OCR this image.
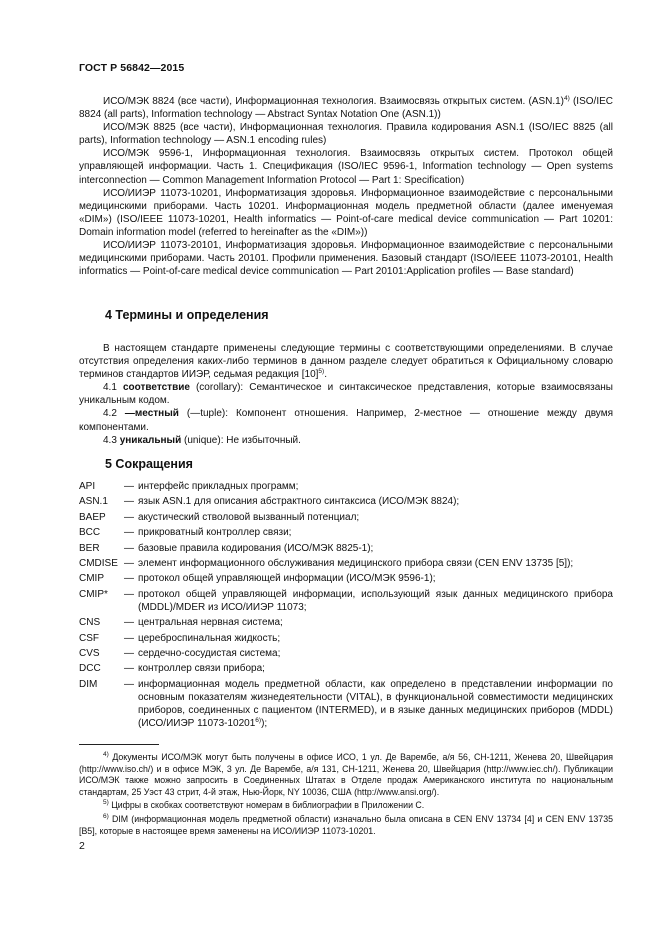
ГОСТ Р 56842—2015

ИСО/МЭК 8824 (все части), Информационная технология. Взаимосвязь открытых систем. $(ASN.1)^{4)}$ (ISO/IEC 8824 (all parts), Information technology — Abstract Syntax Notation One (ASN.1))

ИСО/МЭК 8825 (все части), Информационная технология. Правила кодирования ASN.1 (ISO/IEC 8825 (all parts), Information technology — ASN.1 encoding rules)

ИСО/МЭК 9596-1, Информационная технология. Взаимосвязь открытых систем. Протокол общей управляющей информации. Часть 1. Спецификация (ISO/IEC 9596-1, Information technology — Open systems interconnection — Common Management Information Protocol — Part 1: Specification)

ИСО/ИИЭР 11073-10201, Информатизация здоровья. Информационное взаимодействие с персональными медицинскими приборами. Часть 10201. Информационная модель предметной области (далее именуемая «DIM») (ISO/IEEE 11073-10201, Health informatics — Point-of-care medical device communication — Part 10201: Domain information model (referred to hereinafter as the «DIM»))

ИСО/ИИЭР 11073-20101, Информатизация здоровья. Информационное взаимодействие с персональными медицинскими приборами. Часть 20101. Профили применения. Базовый стандарт (ISO/IEEE 11073-20101, Health informatics — Point-of-care medical device communication — Part 20101:Application profiles — Base standard)

4 Термины и определения

В настоящем стандарте применены следующие термины с соответствующими определениями. В случае отсутствия определения каких-либо терминов в данном разделе следует обратиться к Официальному словарю терминов стандартов ИИЭР, седьмая редакция $[10]^{5)}$.

4.1 соответствие (corollary): Семантическое и синтаксическое представления, которые взаимосвязаны уникальным кодом.

4.2 —местный (—tuple): Компонент отношения. Например, 2-местное — отношение между двумя компонентами.

4.3 уникальный (unique): Не избыточный.

5 Сокращения
API	— интерфейс прикладных программ;
ASN.1	— язык ASN.1 для описания абстрактного синтаксиса (ИСО/МЭК 8824);
BAEP	— акустический стволовой вызванный потенциал;
BCC	— прикроватный контроллер связи;
BER	— базовые правила кодирования (ИСО/МЭК 8825-1);
CMDISE — элемент информационного обслуживания медицинского прибора связи (CEN ENV 13735 [5]);
CMIP	— протокол общей управляющей информации (ИСО/МЭК 9596-1);
CMIP*	— протокол общей управляющей информации, использующий язык данных медицинского прибора (MDDL)/MDER из ИСО/ИИЭР 11073;
CNS	— центральная нервная система;
CSF	— цереброспинальная жидкость;
CVS	— сердечно-сосудистая система;
DCC	— контроллер связи прибора;
DIM	— информационная модель предметной области, как определено в представлении информации по основным показателям жизнедеятельности (VITAL), в функциональной совместимости медицинских приборов, соединенных с пациентом (INTERMED), и в языке данных медицинских приборов (MDDL) (ИСО/ИИЭР 11073-10201$^{6)}$);

$^{4)}$ Документы ИСО/МЭК могут быть получены в офисе ИСО, 1 ул. Де Варембе, а/я 56, CH-1211, Женева 20, Швейцария (http://www.iso.ch/) и в офисе МЭК, 3 ул. Де Варембе, а/я 131, CH-1211, Женева 20, Швейцария (http://www.iec.ch/). Публикации ИСО/МЭК также можно запросить в Соединенных Штатах в Отделе продаж Американского института по национальным стандартам, 25 Уэст 43 стрит, 4-й этаж, Нью-Йорк, NY 10036, США (http://www.ansi.org/).

$^{5)}$ Цифры в скобках соответствуют номерам в библиографии в Приложении С.

$^{6)}$ DIM (информационная модель предметной области) изначально была описана в CEN ENV 13734 [4] и CEN ENV 13735 [B5], которые в настоящее время заменены на ИСО/ИИЭР 11073-10201.

2
